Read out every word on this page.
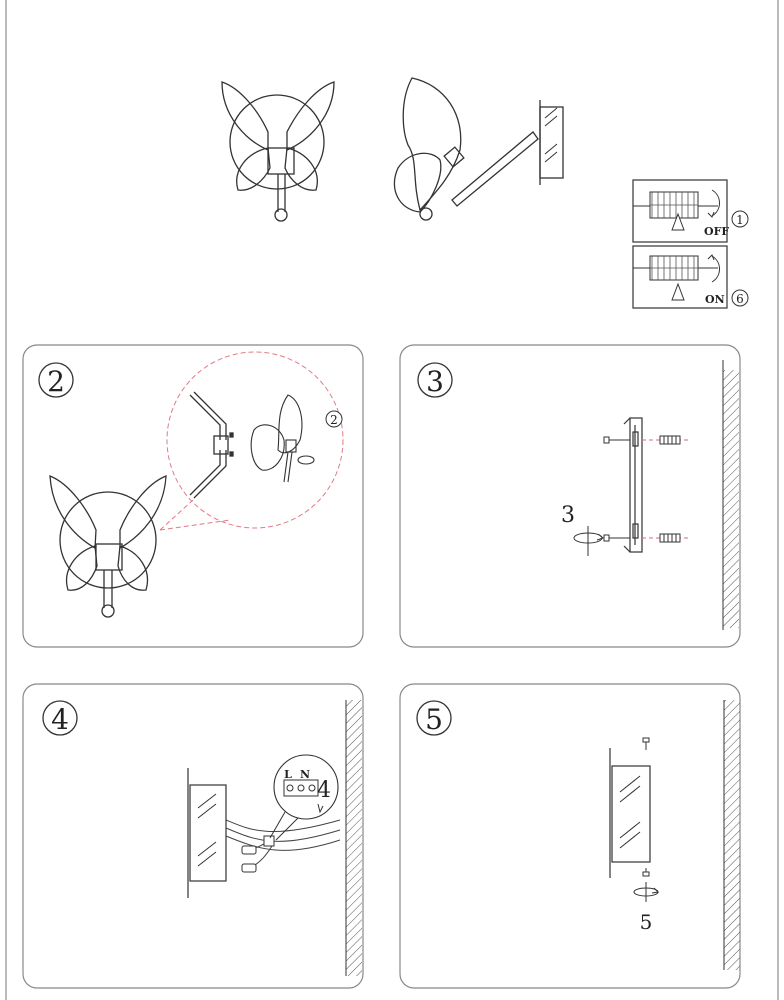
OFF
1
ON 6
2
2
3
3
4
L N
4
5
5
